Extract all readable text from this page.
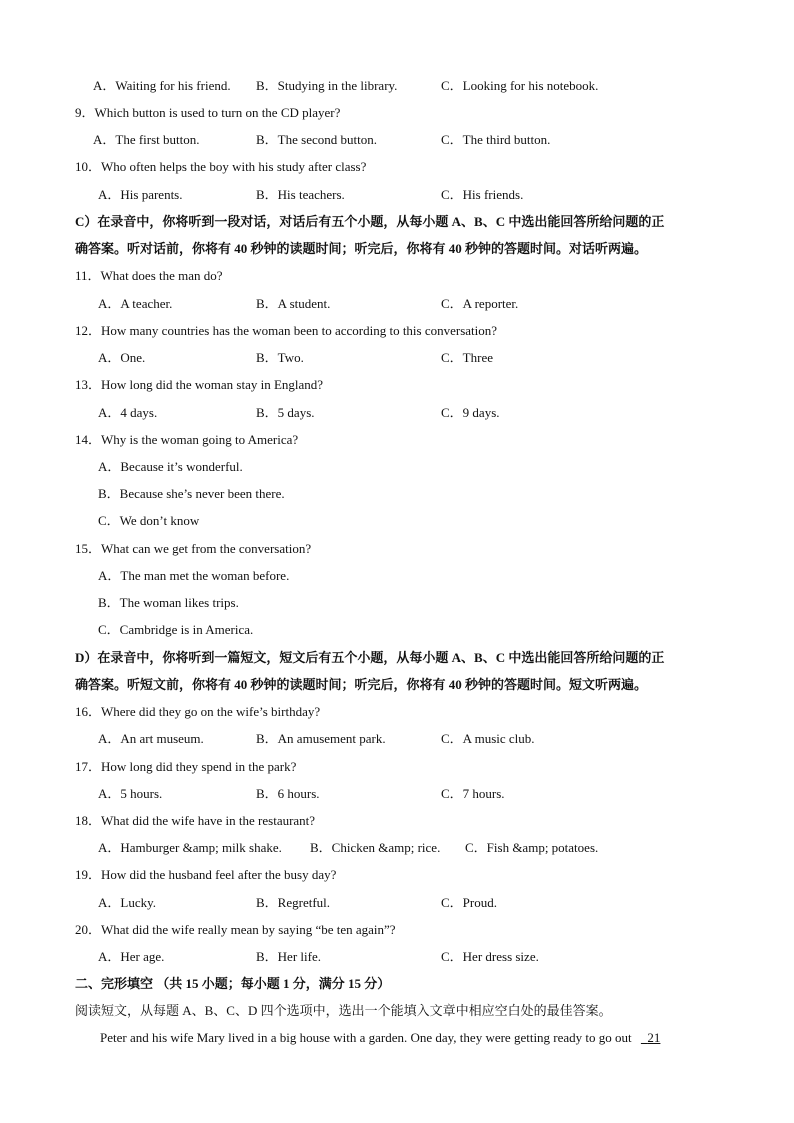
A．Waiting for his friend. B．Studying in the library.	C．Looking for his notebook.
9．Which button is used to turn on the CD player?
A．The first button.	B．The second button.	C．The third button.
10．Who often helps the boy with his study after class?
A．His parents.	B．His teachers.	C．His friends.
C）在录音中，你将听到一段对话，对话后有五个小题，从每小题 A、B、C 中选出能回答所给问题的正
确答案。听对话前，你将有 40 秒钟的读题时间；听完后，你将有 40 秒钟的答题时间。对话听两遍。
11．What does the man do?
A．A teacher.	B．A student.	C．A reporter.
12．How many countries has the woman been to according to this conversation?
A．One.	B．Two.	C．Three
13．How long did the woman stay in England?
A．4 days.	B．5 days.	C．9 days.
14．Why is the woman going to America?
A．Because it’s wonderful.
B．Because she’s never been there.
C．We don’t know
15．What can we get from the conversation?
A．The man met the woman before.
B．The woman likes trips.
C．Cambridge is in America.
D）在录音中，你将听到一篇短文，短文后有五个小题，从每小题 A、B、C 中选出能回答所给问题的正
确答案。听短文前，你将有 40 秒钟的读题时间；听完后，你将有 40 秒钟的答题时间。短文听两遍。
16．Where did they go on the wife’s birthday?
A．An art museum.	B．An amusement park.	C．A music club.
17．How long did they spend in the park?
A．5 hours.	B．6 hours.	C．7 hours.
18．What did the wife have in the restaurant?
A．Hamburger &amp; milk shake. B．Chicken &amp; rice. C．Fish &amp; potatoes.
19．How did the husband feel after the busy day?
A．Lucky.	B．Regretful.	C．Proud.
20．What did the wife really mean by saying “be ten again”?
A．Her age.	B．Her life.	C．Her dress size.
二、完形填空 （共 15 小题；每小题 1 分，满分 15 分）
阅读短文，从每题 A、B、C、D 四个选项中，选出一个能填入文章中相应空白处的最佳答案。
Peter and his wife Mary lived in a big house with a garden. One day, they were getting ready to go out 21
